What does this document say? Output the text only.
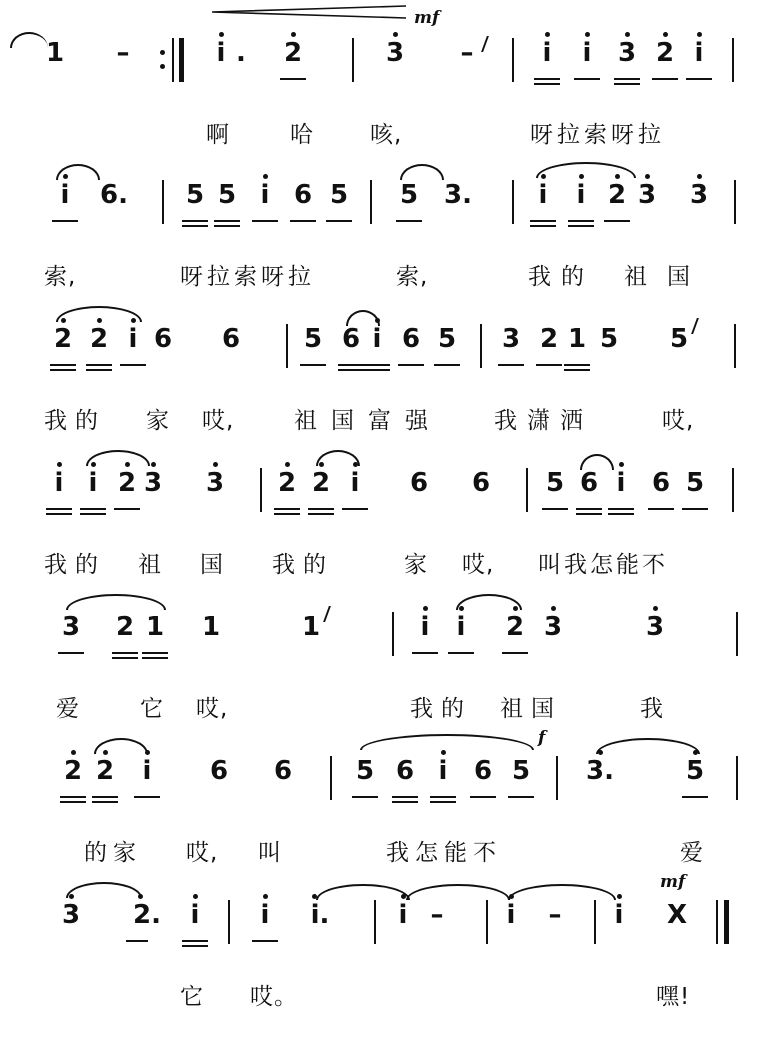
1	–	i .	2	3	–	i	i	3 2 i
mf
啊	哈 咳,	呀拉索呀拉
i	6.	5 5 i 6 5 5 3.	i	i 2 3 3
索,	呀拉索呀拉	索,	我的 祖国
2 2 i 6 6 5 6 i 6 5 3 2 1 5 5
我的 家 哎,	祖国富强 我潇洒	哎,
i i 2 3 3 2 2 i	6 6 5 6 i	6 5
我的 祖 国 我的	家 哎, 叫我怎能不
3 2 1 1	1	i	i	2 3	3
爱	它 哎,	我的 祖国	我
2 2	i	6 6 5 6 i	6 5
f
3.	5
的家 哎, 叫	我怎能不	爱
3	2.	i	i	i.	i –	i	–	i	X
mf
它 哎。	嘿!
